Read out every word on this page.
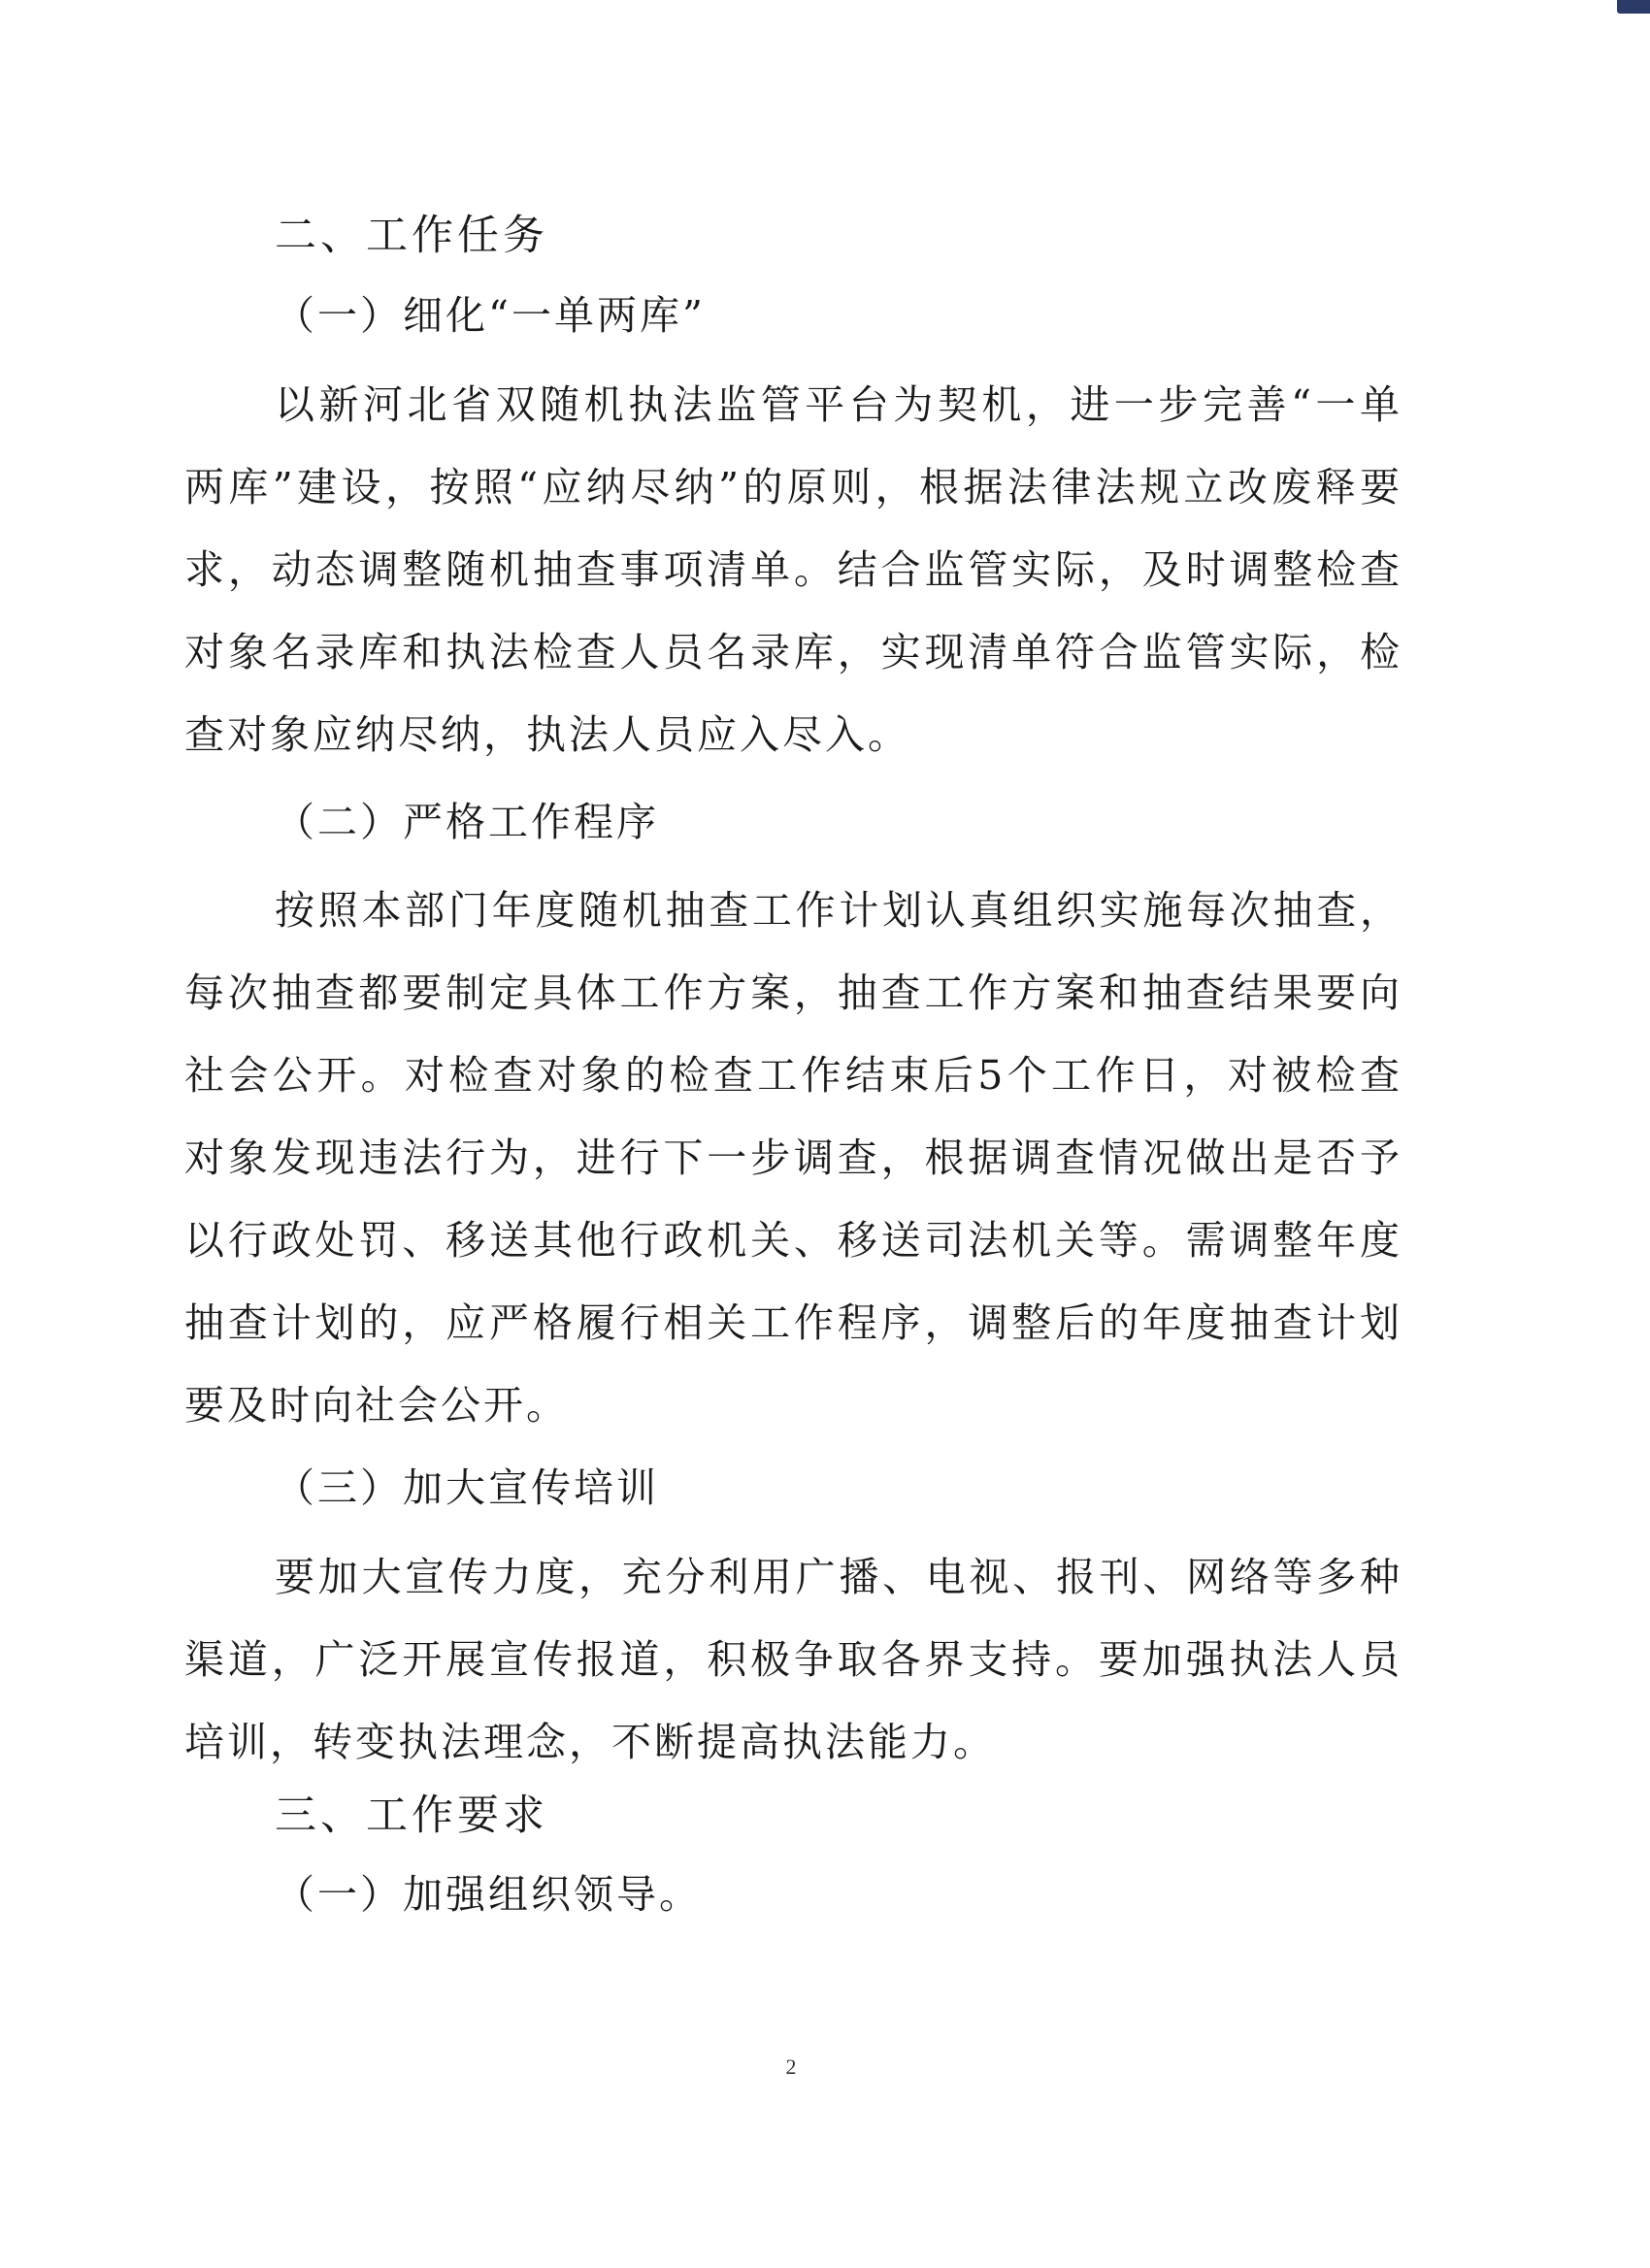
二、工作任务
（一）细化“一单两库”
以新河北省双随机执法监管平台为契机，进一步完善“一单两库”建设，按照“应纳尽纳”的原则，根据法律法规立改废释要求，动态调整随机抽查事项清单。结合监管实际，及时调整检查对象名录库和执法检查人员名录库，实现清单符合监管实际，检查对象应纳尽纳，执法人员应入尽入。
（二）严格工作程序
按照本部门年度随机抽查工作计划认真组织实施每次抽查，每次抽查都要制定具体工作方案，抽查工作方案和抽查结果要向社会公开。对检查对象的检查工作结束后5个工作日，对被检查对象发现违法行为，进行下一步调查，根据调查情况做出是否予以行政处罚、移送其他行政机关、移送司法机关等。需调整年度抽查计划的，应严格履行相关工作程序，调整后的年度抽查计划要及时向社会公开。
（三）加大宣传培训
要加大宣传力度，充分利用广播、电视、报刊、网络等多种渠道，广泛开展宣传报道，积极争取各界支持。要加强执法人员培训，转变执法理念，不断提高执法能力。
三、工作要求
（一）加强组织领导。
2
